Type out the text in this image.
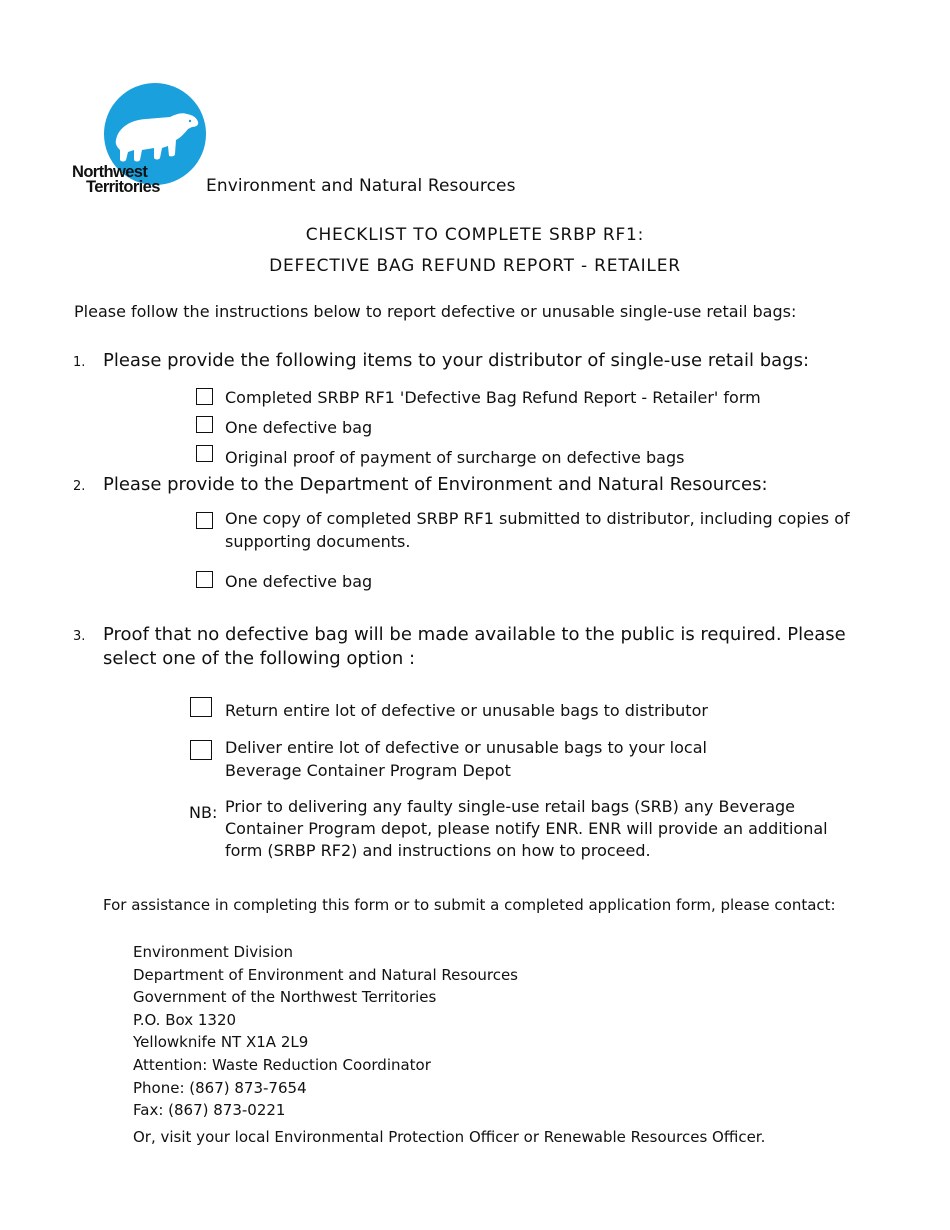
Northwest
Territories	Environment and Natural Resources
CHECKLIST TO COMPLETE SRBP RF1:
DEFECTIVE BAG REFUND REPORT - RETAILER
Please follow the instructions below to report defective or unusable single-use retail bags:
1. Please provide the following items to your distributor of single-use retail bags:
Completed SRBP RF1 'Defective Bag Refund Report - Retailer' form
One defective bag
Original proof of payment of surcharge on defective bags
2. Please provide to the Department of Environment and Natural Resources:
One copy of completed SRBP RF1 submitted to distributor, including copies of supporting documents.
One defective bag
3. Proof that no defective bag will be made available to the public is required. Please select one of the following option :
Return entire lot of defective or unusable bags to distributor
Deliver entire lot of defective or unusable bags to your local Beverage Container Program Depot
NB: Prior to delivering any faulty single-use retail bags (SRB) any Beverage Container Program depot, please notify ENR. ENR will provide an additional form (SRBP RF2) and instructions on how to proceed.
For assistance in completing this form or to submit a completed application form, please contact:
Environment Division
Department of Environment and Natural Resources
Government of the Northwest Territories
P.O. Box 1320
Yellowknife NT X1A 2L9
Attention: Waste Reduction Coordinator
Phone: (867) 873-7654
Fax: (867) 873-0221
Or, visit your local Environmental Protection Officer or Renewable Resources Officer.
